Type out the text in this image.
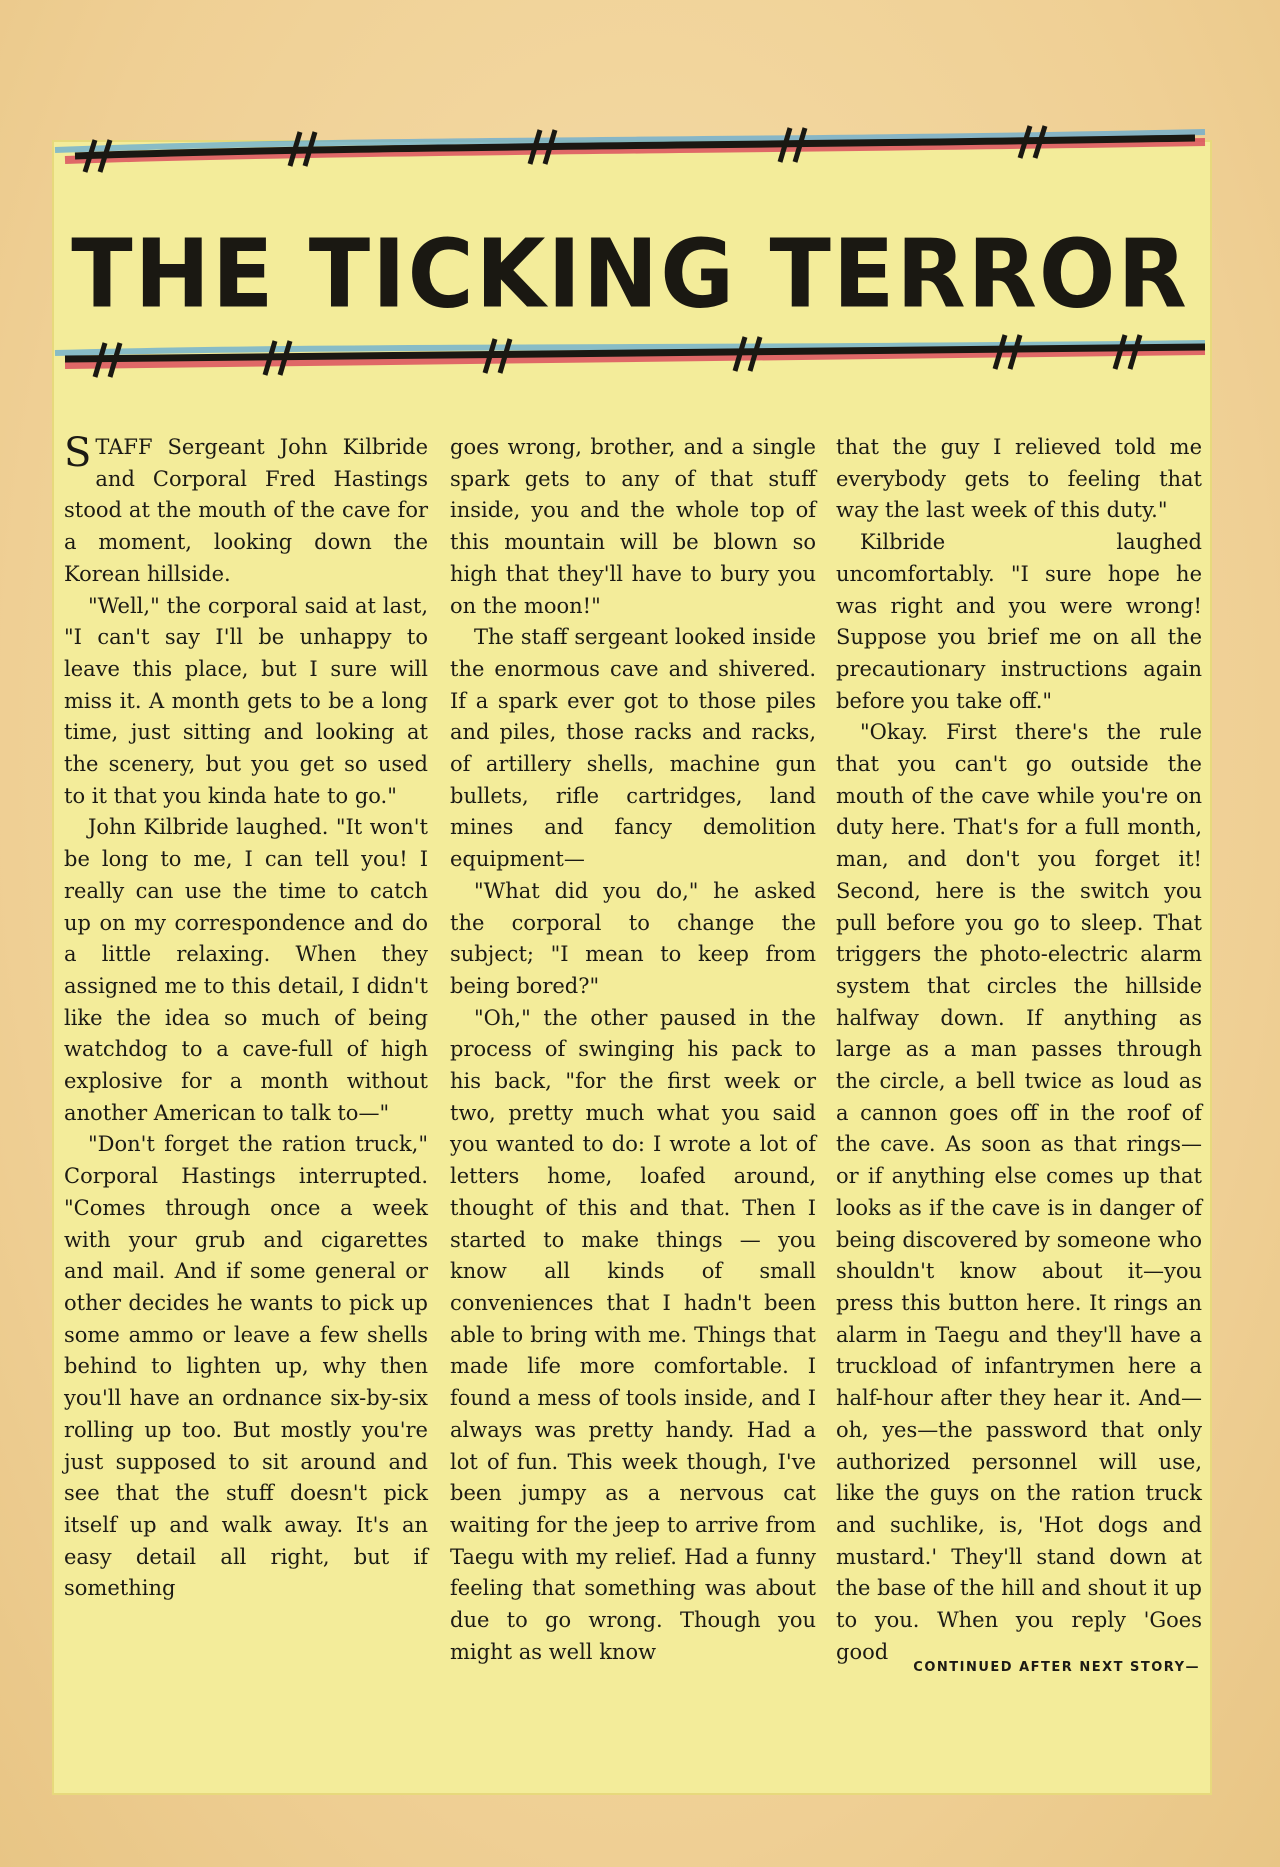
THE TICKING TERROR

STAFF Sergeant John Kilbride and Corporal Fred Hastings stood at the mouth of the cave for a moment, looking down the Korean hillside.

"Well," the corporal said at last, "I can't say I'll be unhappy to leave this place, but I sure will miss it. A month gets to be a long time, just sitting and looking at the scenery, but you get so used to it that you kinda hate to go."

John Kilbride laughed. "It won't be long to me, I can tell you! I really can use the time to catch up on my correspondence and do a little relaxing. When they assigned me to this detail, I didn't like the idea so much of being watchdog to a cave-full of high explosive for a month without another American to talk to—"

"Don't forget the ration truck," Corporal Hastings interrupted. "Comes through once a week with your grub and cigarettes and mail. And if some general or other decides he wants to pick up some ammo or leave a few shells behind to lighten up, why then you'll have an ordnance six-by-six rolling up too. But mostly you're just supposed to sit around and see that the stuff doesn't pick itself up and walk away. It's an easy detail all right, but if something

goes wrong, brother, and a single spark gets to any of that stuff inside, you and the whole top of this mountain will be blown so high that they'll have to bury you on the moon!"

The staff sergeant looked inside the enormous cave and shivered. If a spark ever got to those piles and piles, those racks and racks, of artillery shells, machine gun bullets, rifle cartridges, land mines and fancy demolition equipment—

"What did you do," he asked the corporal to change the subject; "I mean to keep from being bored?"

"Oh," the other paused in the process of swinging his pack to his back, "for the first week or two, pretty much what you said you wanted to do: I wrote a lot of letters home, loafed around, thought of this and that. Then I started to make things — you know all kinds of small conveniences that I hadn't been able to bring with me. Things that made life more comfortable. I found a mess of tools inside, and I always was pretty handy. Had a lot of fun. This week though, I've been jumpy as a nervous cat waiting for the jeep to arrive from Taegu with my relief. Had a funny feeling that something was about due to go wrong. Though you might as well know

that the guy I relieved told me everybody gets to feeling that way the last week of this duty."

Kilbride laughed uncomfortably. "I sure hope he was right and you were wrong! Suppose you brief me on all the precautionary instructions again before you take off."

"Okay. First there's the rule that you can't go outside the mouth of the cave while you're on duty here. That's for a full month, man, and don't you forget it! Second, here is the switch you pull before you go to sleep. That triggers the photo-electric alarm system that circles the hillside halfway down. If anything as large as a man passes through the circle, a bell twice as loud as a cannon goes off in the roof of the cave. As soon as that rings—or if anything else comes up that looks as if the cave is in danger of being discovered by someone who shouldn't know about it—you press this button here. It rings an alarm in Taegu and they'll have a truckload of infantrymen here a half-hour after they hear it. And—oh, yes—the password that only authorized personnel will use, like the guys on the ration truck and suchlike, is, 'Hot dogs and mustard.' They'll stand down at the base of the hill and shout it up to you. When you reply 'Goes good

CONTINUED AFTER NEXT STORY—
